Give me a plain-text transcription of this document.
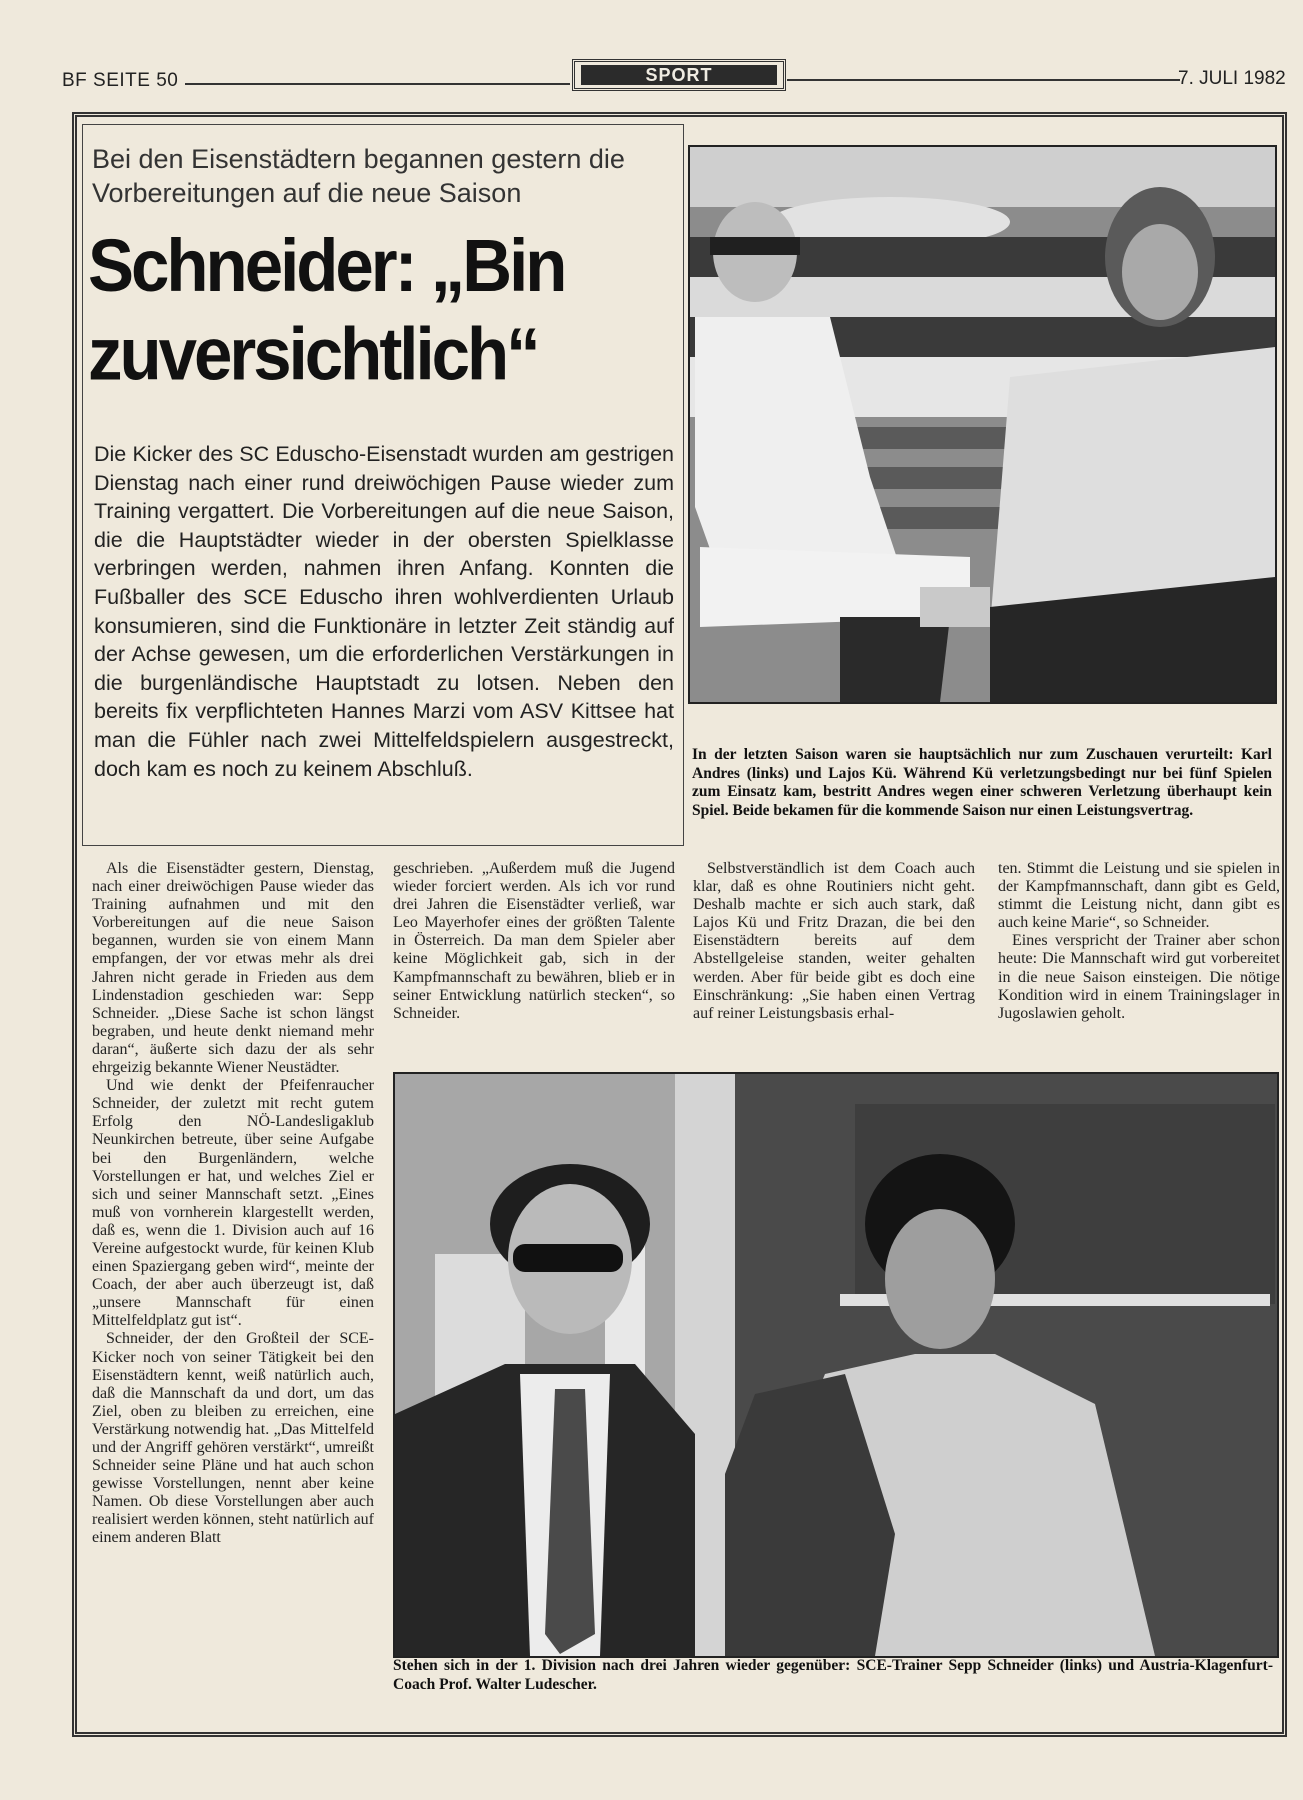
BF SEITE 50	SPORT	7. JULI 1982
Bei den Eisenstädtern begannen gestern die Vorbereitungen auf die neue Saison
Schneider: „Bin
zuversichtlich“
Die Kicker des SC Eduscho-Eisenstadt wurden am gestrigen Dienstag nach einer rund dreiwöchigen Pause wieder zum Training vergattert. Die Vorbereitungen auf die neue Saison, die die Hauptstädter wieder in der obersten Spielklasse verbringen werden, nahmen ihren Anfang. Konnten die Fußballer des SCE Eduscho ihren wohlverdienten Urlaub konsumieren, sind die Funktionäre in letzter Zeit ständig auf der Achse gewesen, um die erforderlichen Verstärkungen in die burgenländische Hauptstadt zu lotsen. Neben den bereits fix verpflichteten Hannes Marzi vom ASV Kittsee hat man die Fühler nach zwei Mittelfeldspielern ausgestreckt, doch kam es noch zu keinem Abschluß.
In der letzten Saison waren sie hauptsächlich nur zum Zuschauen verurteilt: Karl Andres (links) und Lajos Kü. Während Kü verletzungsbedingt nur bei fünf Spielen zum Einsatz kam, bestritt Andres wegen einer schweren Verletzung überhaupt kein Spiel. Beide bekamen für die kommende Saison nur einen Leistungsvertrag.

Als die Eisenstädter gestern, Dienstag, nach einer dreiwöchigen Pause wieder das Training aufnahmen und mit den Vorbereitungen auf die neue Saison begannen, wurden sie von einem Mann empfangen, der vor etwas mehr als drei Jahren nicht gerade in Frieden aus dem Lindenstadion geschieden war: Sepp Schneider. „Diese Sache ist schon längst begraben, und heute denkt niemand mehr daran“, äußerte sich dazu der als sehr ehrgeizig bekannte Wiener Neustädter.

Und wie denkt der Pfeifenraucher Schneider, der zuletzt mit recht gutem Erfolg den NÖ-Landesligaklub Neunkirchen betreute, über seine Aufgabe bei den Burgenländern, welche Vorstellungen er hat, und welches Ziel er sich und seiner Mannschaft setzt. „Eines muß von vornherein klargestellt werden, daß es, wenn die 1. Division auch auf 16 Vereine aufgestockt wurde, für keinen Klub einen Spaziergang geben wird“, meinte der Coach, der aber auch überzeugt ist, daß „unsere Mannschaft für einen Mittelfeldplatz gut ist“.

Schneider, der den Großteil der SCE-Kicker noch von seiner Tätigkeit bei den Eisenstädtern kennt, weiß natürlich auch, daß die Mannschaft da und dort, um das Ziel, oben zu bleiben zu erreichen, eine Verstärkung notwendig hat. „Das Mittelfeld und der Angriff gehören verstärkt“, umreißt Schneider seine Pläne und hat auch schon gewisse Vorstellungen, nennt aber keine Namen. Ob diese Vorstellungen aber auch realisiert werden können, steht natürlich auf einem anderen Blatt

geschrieben. „Außerdem muß die Jugend wieder forciert werden. Als ich vor rund drei Jahren die Eisenstädter verließ, war Leo Mayerhofer eines der größten Talente in Österreich. Da man dem Spieler aber keine Möglichkeit gab, sich in der Kampfmannschaft zu bewähren, blieb er in seiner Entwicklung natürlich stecken“, so Schneider.

Selbstverständlich ist dem Coach auch klar, daß es ohne Routiniers nicht geht. Deshalb machte er sich auch stark, daß Lajos Kü und Fritz Drazan, die bei den Eisenstädtern bereits auf dem Abstellgeleise standen, weiter gehalten werden. Aber für beide gibt es doch eine Einschränkung: „Sie haben einen Vertrag auf reiner Leistungsbasis erhal-

ten. Stimmt die Leistung und sie spielen in der Kampfmannschaft, dann gibt es Geld, stimmt die Leistung nicht, dann gibt es auch keine Marie“, so Schneider.

Eines verspricht der Trainer aber schon heute: Die Mannschaft wird gut vorbereitet in die neue Saison einsteigen. Die nötige Kondition wird in einem Trainingslager in Jugoslawien geholt.

Stehen sich in der 1. Division nach drei Jahren wieder gegenüber: SCE-Trainer Sepp Schneider (links) und Austria-Klagenfurt-Coach Prof. Walter Ludescher.
